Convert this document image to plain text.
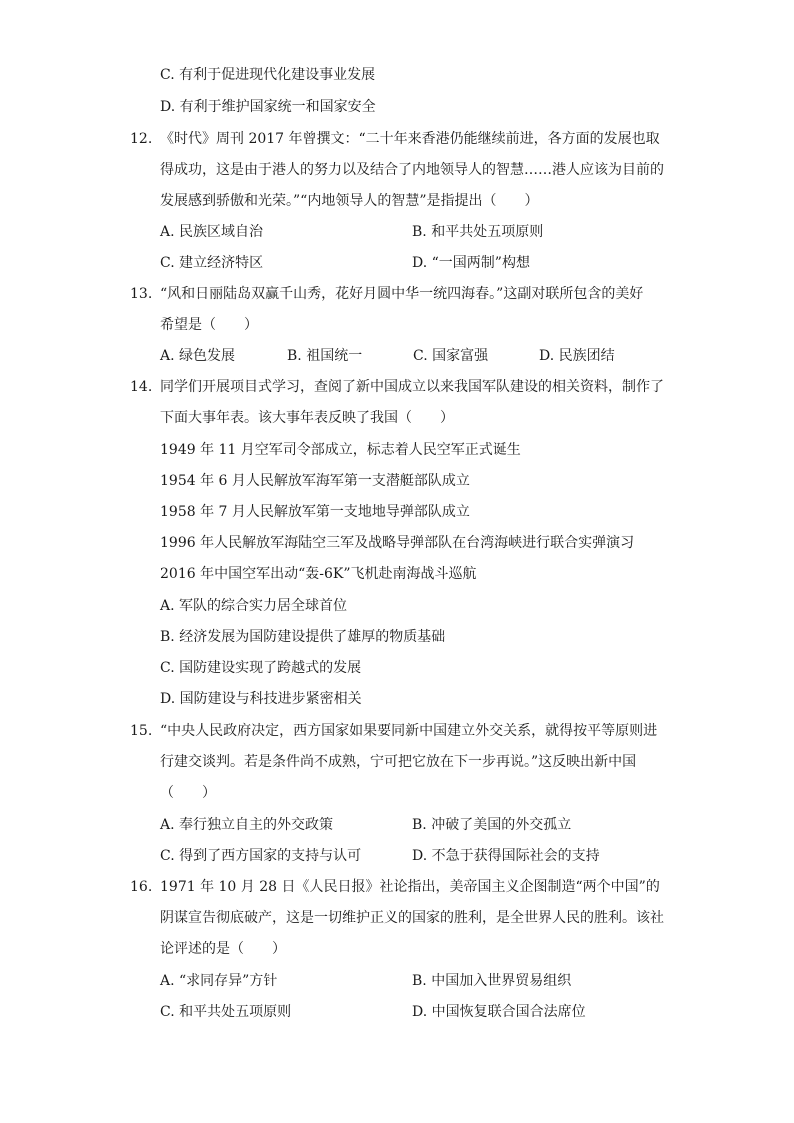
C. 有利于促进现代化建设事业发展
D. 有利于维护国家统一和国家安全
12. 《时代》周刊 2017 年曾撰文：“二十年来香港仍能继续前进，各方面的发展也取
得成功，这是由于港人的努力以及结合了内地领导人的智慧……港人应该为目前的
发展感到骄傲和光荣。”“内地领导人的智慧”是指提出（　　）
A. 民族区域自治	B. 和平共处五项原则
C. 建立经济特区	D. “一国两制”构想
13. “风和日丽陆岛双赢千山秀，花好月圆中华一统四海春。”这副对联所包含的美好
希望是（　　）
A. 绿色发展	B. 祖国统一	C. 国家富强	D. 民族团结
14. 同学们开展项目式学习，查阅了新中国成立以来我国军队建设的相关资料，制作了
下面大事年表。该大事年表反映了我国（　　）
1949 年 11 月空军司令部成立，标志着人民空军正式诞生
1954 年 6 月人民解放军海军第一支潜艇部队成立
1958 年 7 月人民解放军第一支地地导弹部队成立
1996 年人民解放军海陆空三军及战略导弹部队在台湾海峡进行联合实弹演习
2016 年中国空军出动“轰-6K”飞机赴南海战斗巡航
A. 军队的综合实力居全球首位
B. 经济发展为国防建设提供了雄厚的物质基础
C. 国防建设实现了跨越式的发展
D. 国防建设与科技进步紧密相关
15. “中央人民政府决定，西方国家如果要同新中国建立外交关系，就得按平等原则进
行建交谈判。若是条件尚不成熟，宁可把它放在下一步再说。”这反映出新中国
（　　）
A. 奉行独立自主的外交政策	B. 冲破了美国的外交孤立
C. 得到了西方国家的支持与认可	D. 不急于获得国际社会的支持
16. 1971 年 10 月 28 日《人民日报》社论指出，美帝国主义企图制造“两个中国”的
阴谋宣告彻底破产，这是一切维护正义的国家的胜利，是全世界人民的胜利。该社
论评述的是（　　）
A. “求同存异”方针	B. 中国加入世界贸易组织
C. 和平共处五项原则	D. 中国恢复联合国合法席位
